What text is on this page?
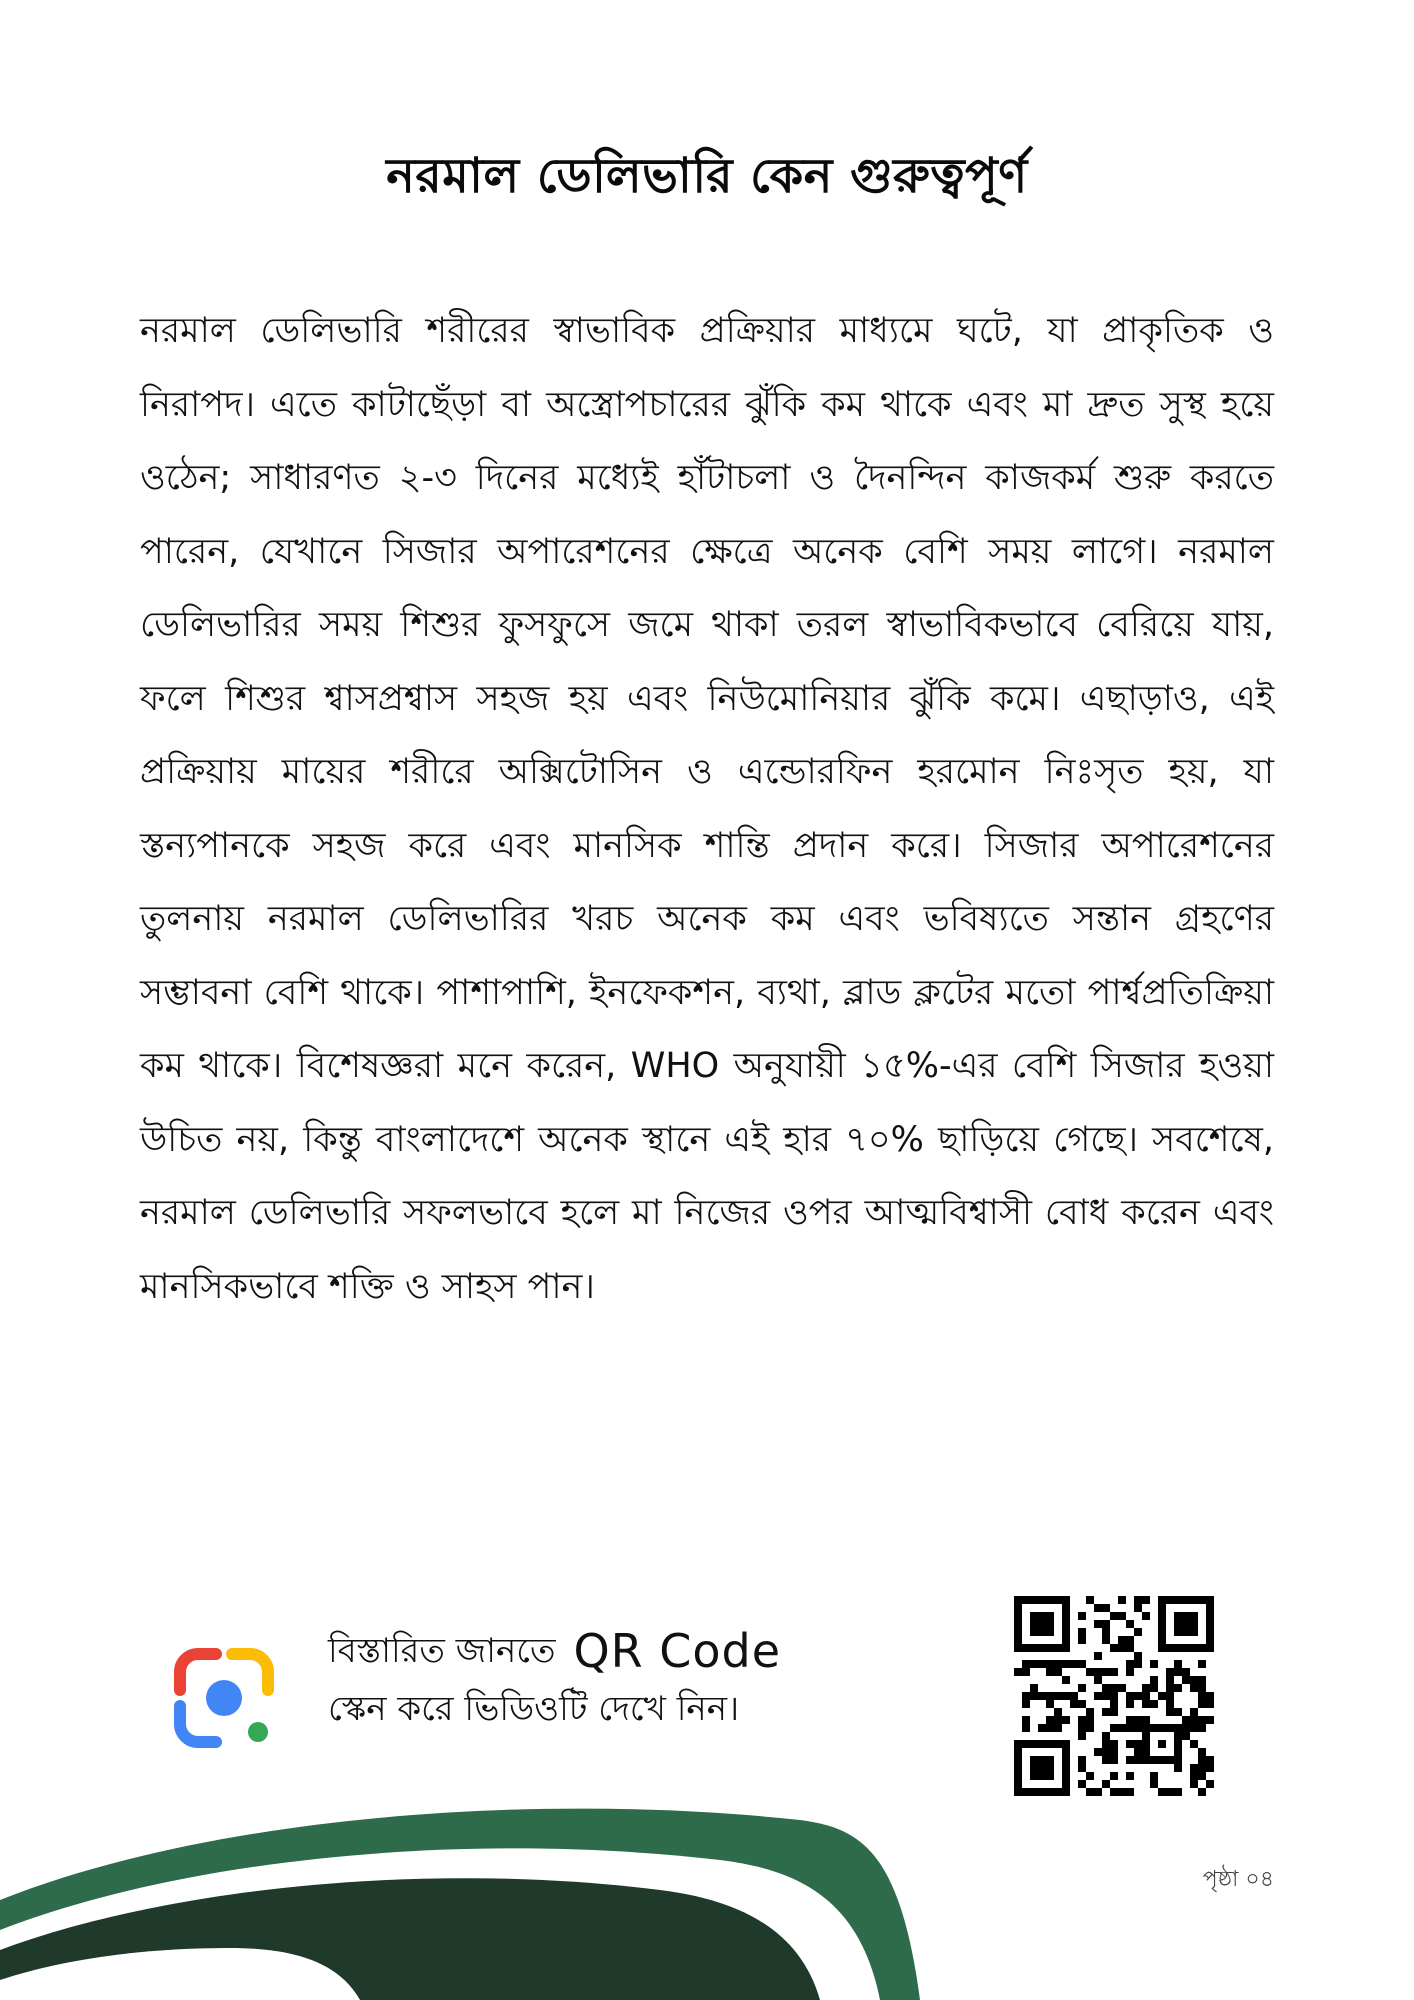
নরমাল ডেলিভারি কেন গুরুত্বপূর্ণ
নরমাল ডেলিভারি শরীরের স্বাভাবিক প্রক্রিয়ার মাধ্যমে ঘটে, যা প্রাকৃতিক ও নিরাপদ। এতে কাটাছেঁড়া বা অস্ত্রোপচারের ঝুঁকি কম থাকে এবং মা দ্রুত সুস্থ হয়ে ওঠেন; সাধারণত ২-৩ দিনের মধ্যেই হাঁটাচলা ও দৈনন্দিন কাজকর্ম শুরু করতে পারেন, যেখানে সিজার অপারেশনের ক্ষেত্রে অনেক বেশি সময় লাগে। নরমাল ডেলিভারির সময় শিশুর ফুসফুসে জমে থাকা তরল স্বাভাবিকভাবে বেরিয়ে যায়, ফলে শিশুর শ্বাসপ্রশ্বাস সহজ হয় এবং নিউমোনিয়ার ঝুঁকি কমে। এছাড়াও, এই প্রক্রিয়ায় মায়ের শরীরে অক্সিটোসিন ও এন্ডোরফিন হরমোন নিঃসৃত হয়, যা স্তন্যপানকে সহজ করে এবং মানসিক শান্তি প্রদান করে। সিজার অপারেশনের তুলনায় নরমাল ডেলিভারির খরচ অনেক কম এবং ভবিষ্যতে সন্তান গ্রহণের সম্ভাবনা বেশি থাকে। পাশাপাশি, ইনফেকশন, ব্যথা, ব্লাড ক্লটের মতো পার্শ্বপ্রতিক্রিয়া কম থাকে। বিশেষজ্ঞরা মনে করেন, WHO অনুযায়ী ১৫%-এর বেশি সিজার হওয়া উচিত নয়, কিন্তু বাংলাদেশে অনেক স্থানে এই হার ৭০% ছাড়িয়ে গেছে। সবশেষে, নরমাল ডেলিভারি সফলভাবে হলে মা নিজের ওপর আত্মবিশ্বাসী বোধ করেন এবং মানসিকভাবে শক্তি ও সাহস পান।
বিস্তারিত জানতে QR Code
স্কেন করে ভিডিওটি দেখে নিন।
পৃষ্ঠা ০৪
